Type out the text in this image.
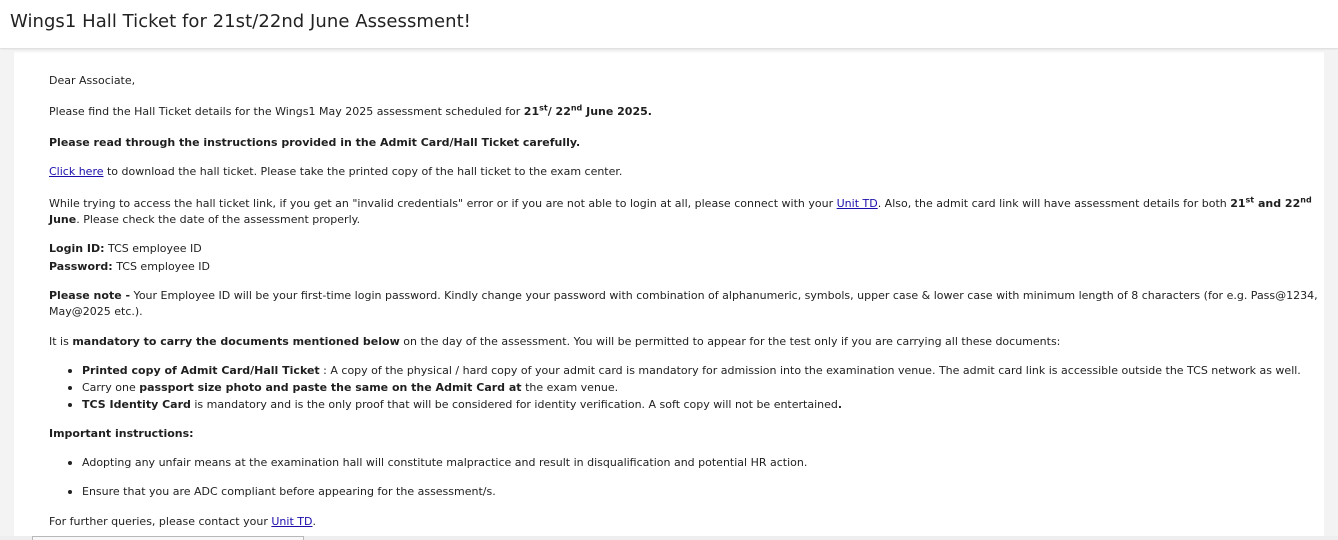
Wings1 Hall Ticket for 21st/22nd June Assessment!

Dear Associate,

Please find the Hall Ticket details for the Wings1 May 2025 assessment scheduled for 21st/ 22nd June 2025.

Please read through the instructions provided in the Admit Card/Hall Ticket carefully.

Click here to download the hall ticket. Please take the printed copy of the hall ticket to the exam center.

While trying to access the hall ticket link, if you get an "invalid credentials" error or if you are not able to login at all, please connect with your Unit TD. Also, the admit card link will have assessment details for both 21st and 22nd

June. Please check the date of the assessment properly.

Login ID: TCS employee ID

Password: TCS employee ID

Please note - Your Employee ID will be your first-time login password. Kindly change your password with combination of alphanumeric, symbols, upper case & lower case with minimum length of 8 characters (for e.g. Pass@1234,

May@2025 etc.).

It is mandatory to carry the documents mentioned below on the day of the assessment. You will be permitted to appear for the test only if you are carrying all these documents:

Printed copy of Admit Card/Hall Ticket : A copy of the physical / hard copy of your admit card is mandatory for admission into the examination venue. The admit card link is accessible outside the TCS network as well.
Carry one passport size photo and paste the same on the Admit Card at the exam venue.
TCS Identity Card is mandatory and is the only proof that will be considered for identity verification. A soft copy will not be entertained.

Important instructions:

Adopting any unfair means at the examination hall will constitute malpractice and result in disqualification and potential HR action.
Ensure that you are ADC compliant before appearing for the assessment/s.

For further queries, please contact your Unit TD.
